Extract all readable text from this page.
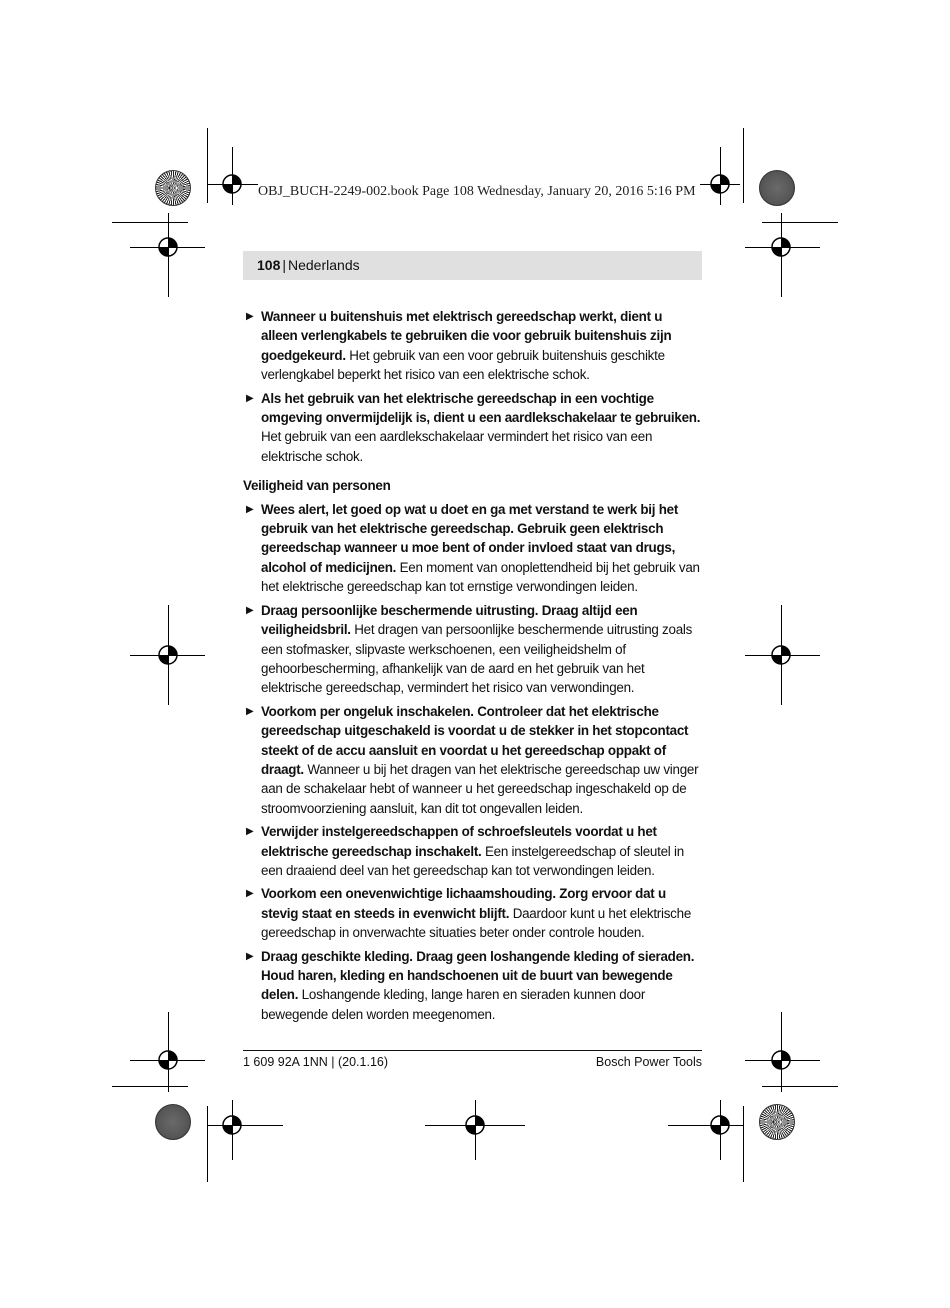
OBJ_BUCH-2249-002.book Page 108 Wednesday, January 20, 2016 5:16 PM
108 | Nederlands
▶ Wanneer u buitenshuis met elektrisch gereedschap werkt, dient u alleen verlengkabels te gebruiken die voor gebruik buitenshuis zijn goedgekeurd. Het gebruik van een voor gebruik buitenshuis geschikte verlengkabel beperkt het risico van een elektrische schok.
▶ Als het gebruik van het elektrische gereedschap in een vochtige omgeving onvermijdelijk is, dient u een aardlekschakelaar te gebruiken. Het gebruik van een aardlekschakelaar vermindert het risico van een elektrische schok.
Veiligheid van personen
▶ Wees alert, let goed op wat u doet en ga met verstand te werk bij het gebruik van het elektrische gereedschap. Gebruik geen elektrisch gereedschap wanneer u moe bent of onder invloed staat van drugs, alcohol of medicijnen. Een moment van onoplettendheid bij het gebruik van het elektrische gereedschap kan tot ernstige verwondingen leiden.
▶ Draag persoonlijke beschermende uitrusting. Draag altijd een veiligheidsbril. Het dragen van persoonlijke beschermende uitrusting zoals een stofmasker, slipvaste werkschoenen, een veiligheidshelm of gehoorbescherming, afhankelijk van de aard en het gebruik van het elektrische gereedschap, vermindert het risico van verwondingen.
▶ Voorkom per ongeluk inschakelen. Controleer dat het elektrische gereedschap uitgeschakeld is voordat u de stekker in het stopcontact steekt of de accu aansluit en voordat u het gereedschap oppakt of draagt. Wanneer u bij het dragen van het elektrische gereedschap uw vinger aan de schakelaar hebt of wanneer u het gereedschap ingeschakeld op de stroomvoorziening aansluit, kan dit tot ongevallen leiden.
▶ Verwijder instelgereedschappen of schroefsleutels voordat u het elektrische gereedschap inschakelt. Een instelgereedschap of sleutel in een draaiend deel van het gereedschap kan tot verwondingen leiden.
▶ Voorkom een onevenwichtige lichaamshouding. Zorg ervoor dat u stevig staat en steeds in evenwicht blijft. Daardoor kunt u het elektrische gereedschap in onverwachte situaties beter onder controle houden.
▶ Draag geschikte kleding. Draag geen loshangende kleding of sieraden. Houd haren, kleding en handschoenen uit de buurt van bewegende delen. Loshangende kleding, lange haren en sieraden kunnen door bewegende delen worden meegenomen.
1 609 92A 1NN | (20.1.16)	Bosch Power Tools
